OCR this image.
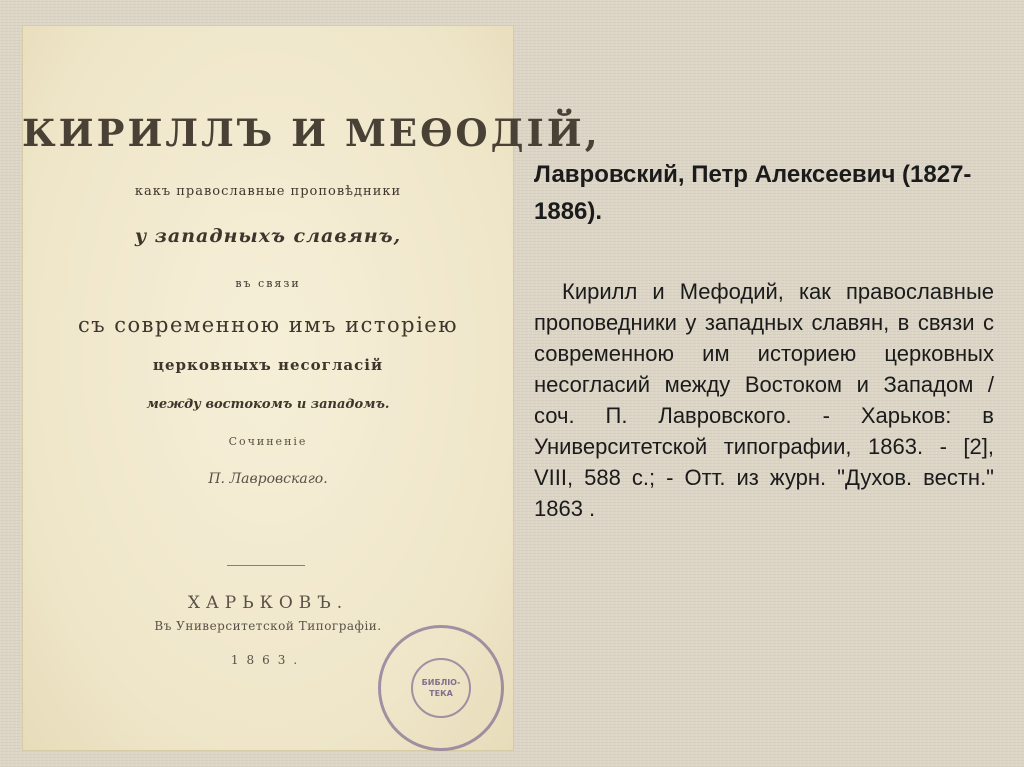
КИРИЛЛЪ И МЕѲОДІЙ,
какъ православные проповѣдники
у западныхъ славянъ,
въ связи
съ современною имъ исторіею
церковныхъ несогласій
между востокомъ и западомъ.
Сочиненіе
П. Лавровскаго.
ХАРЬКОВЪ.
Въ Университетской Типографіи.
1863.
БИБЛІО-
ТЕКА
Лавровский, Петр Алексеевич (1827-1886).
Кирилл и Мефодий, как православные проповедники у западных славян, в связи с современною им историею церковных несогласий между Востоком и Западом / соч. П. Лавровского. - Харьков: в Университетской типографии, 1863. - [2], VIII, 588 с.; - Отт. из журн. "Духов. вестн." 1863 .
